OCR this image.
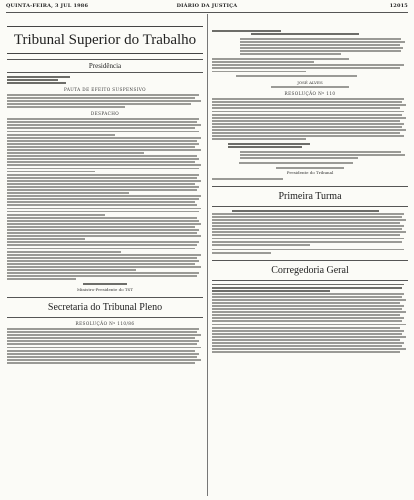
QUINTA-FEIRA, 3 JUL 1986	DIÁRIO DA JUSTIÇA	12015
Tribunal Superior do Trabalho
Presidência
PAUTA DE EFEITO SUSPENSIVO
DESPACHO
Ministro-Presidente do TST
Secretaria do Tribunal Pleno
RESOLUÇÃO Nº 110/86
JOSÉ ALVES
RESOLUÇÃO Nº 110
Presidente do Tribunal
Primeira Turma
Corregedoria Geral
